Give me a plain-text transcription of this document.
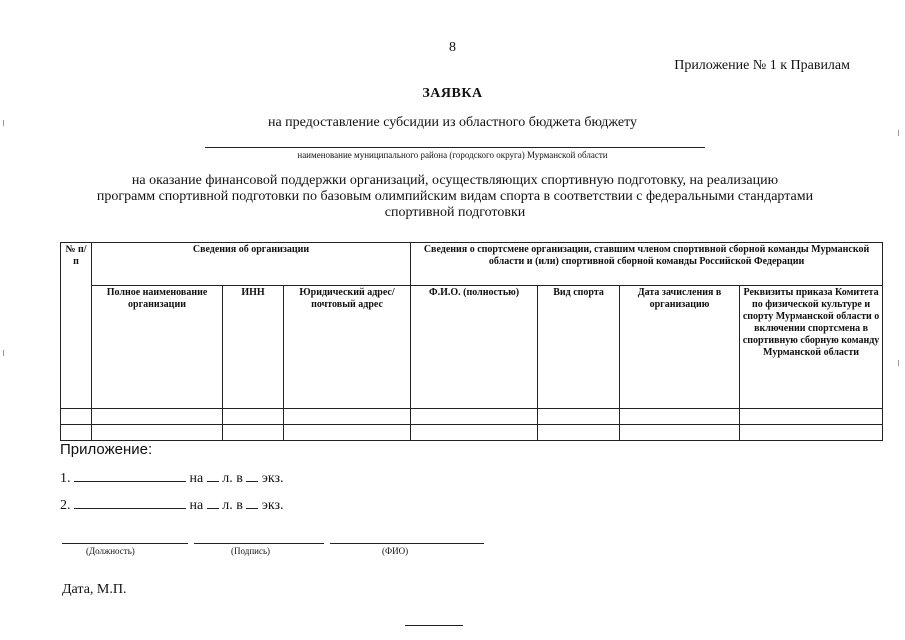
8
Приложение № 1 к Правилам
ЗАЯВКА
на предоставление субсидии из областного бюджета бюджету
наименование муниципального района (городского округа) Мурманской области
на оказание финансовой поддержки организаций, осуществляющих спортивную подготовку, на реализацию
программ спортивной подготовки по базовым олимпийским видам спорта в соответствии с федеральными стандартами
спортивной подготовки
№ п/п	Сведения об организации			Сведения о спортсмене организации, ставшим членом спортивной сборной команды Мурманской области и (или) спортивной сборной команды Российской Федерации			
	Полное наименование организации	ИНН	Юридический адрес/ почтовый адрес	Ф.И.О. (полностью)	Вид спорта	Дата зачисления в организацию	Реквизиты приказа Комитета по физической культуре и спорту Мурманской области о включении спортсмена в спортивную сборную команду Мурманской области

Приложение:
1.	на л. в экз.
2.	на л. в экз.
(Должность)	(Подпись)	(ФИО)
Дата, М.П.
